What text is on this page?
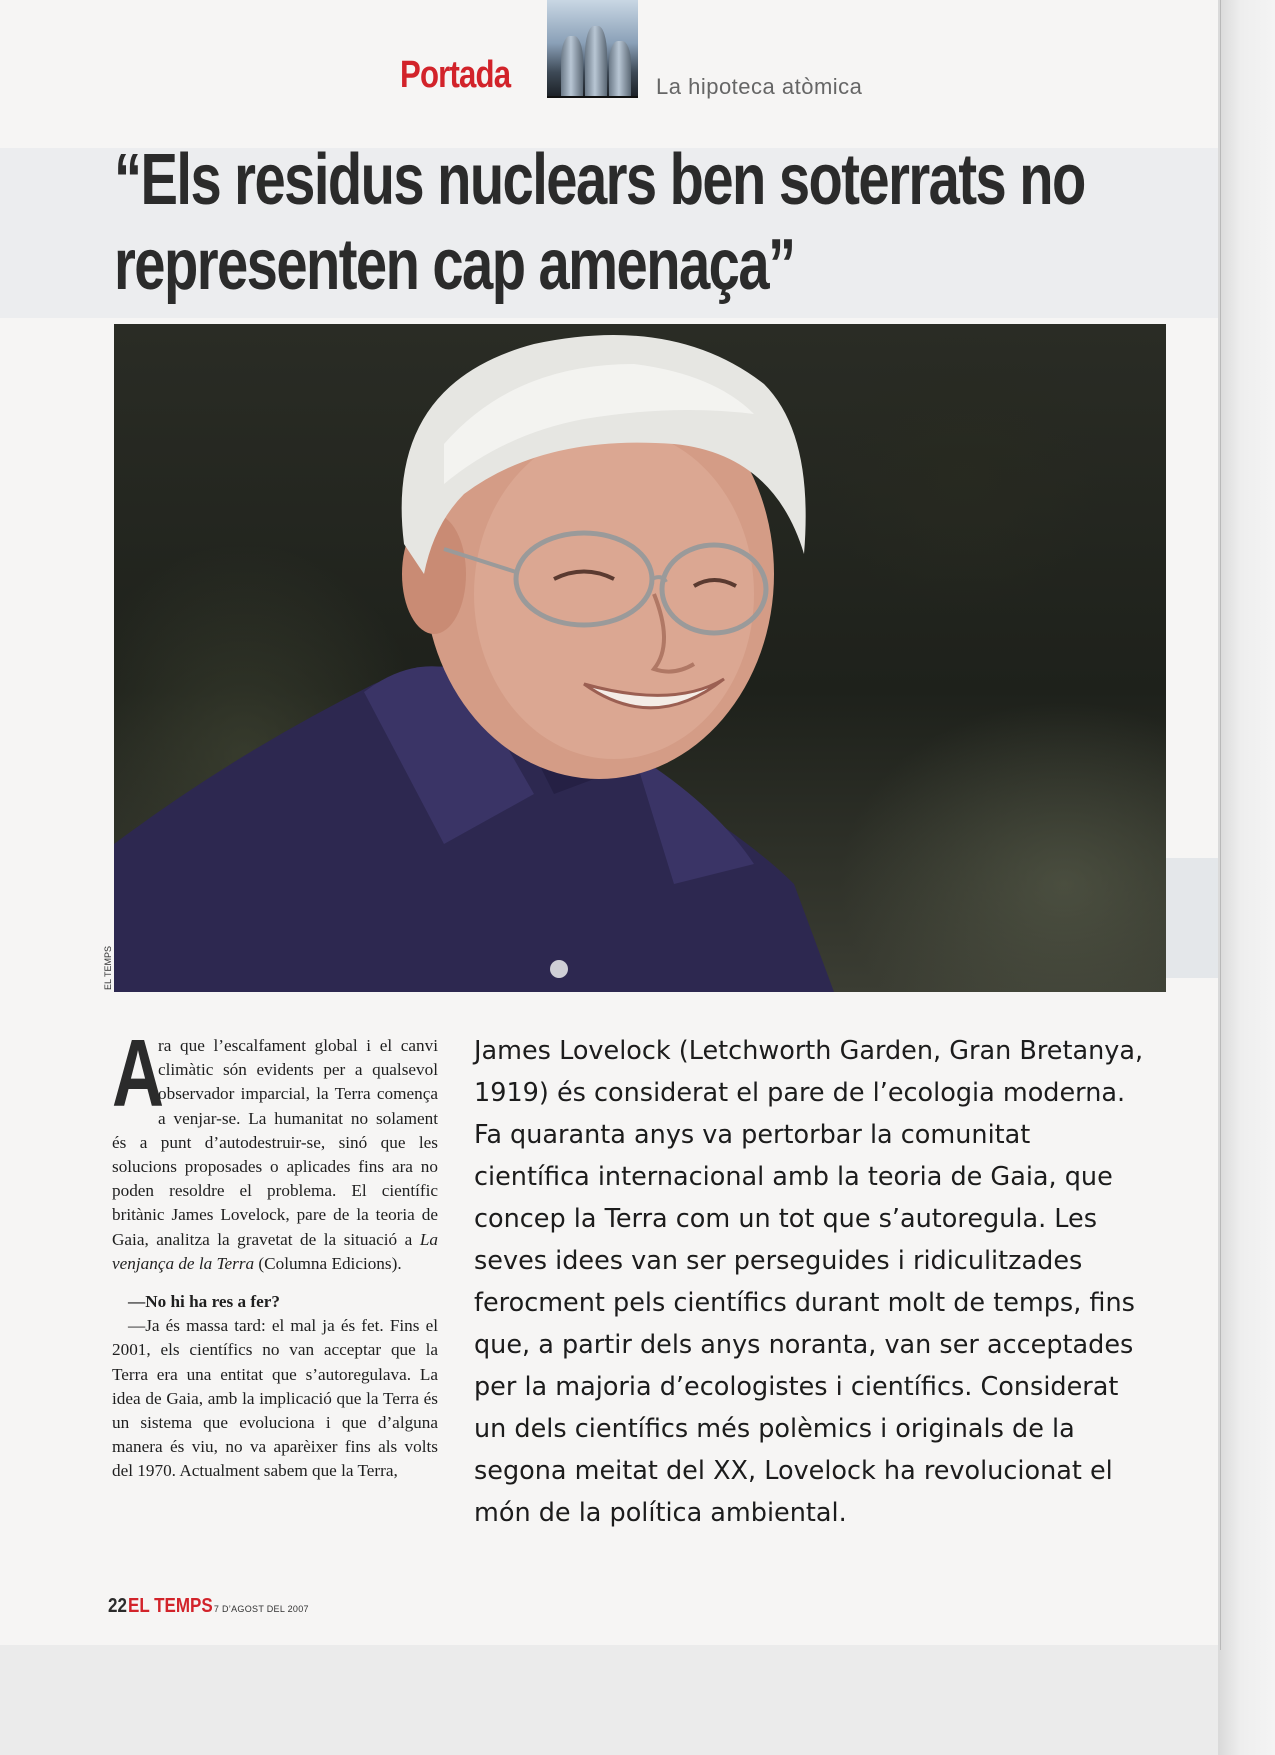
Portada	La hipoteca atòmica
“Els residus nuclears ben soterrats no
representen cap amenaça”

A

ra que l’escalfament global i el canvi climàtic són evidents per a qualsevol observador imparcial, la Terra comença a venjar-se. La humanitat no solament és a punt d’autodestruir-se, sinó que les solucions proposades o aplicades fins ara no poden resoldre el problema. El científic britànic James Lovelock, pare de la teoria de Gaia, analitza la gravetat de la situació a La venjança de la Terra (Columna Edicions).

—No hi ha res a fer?

—Ja és massa tard: el mal ja és fet. Fins el 2001, els científics no van acceptar que la Terra era una entitat que s’autoregulava. La idea de Gaia, amb la implicació que la Terra és un sistema que evoluciona i que d’alguna manera és viu, no va aparèixer fins als volts del 1970. Actualment sabem que la Terra,

James Lovelock (Letchworth Garden, Gran Bretanya, 1919) és considerat el pare de l’ecologia moderna. Fa quaranta anys va pertorbar la comunitat científica internacional amb la teoria de Gaia, que concep la Terra com un tot que s’autoregula. Les seves idees van ser perseguides i ridiculitzades ferocment pels científics durant molt de temps, fins que, a partir dels anys noranta, van ser acceptades per la majoria d’ecologistes i científics. Considerat un dels científics més polèmics i originals de la segona meitat del XX, Lovelock ha revolucionat el món de la política ambiental.
22 EL TEMPS 7 D’AGOST DEL 2007
